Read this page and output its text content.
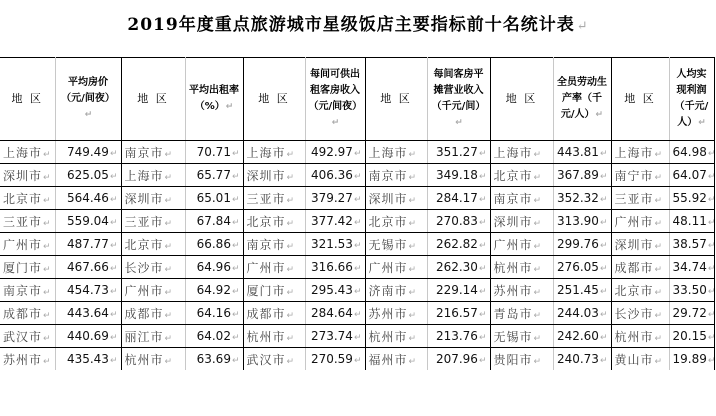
2019年度重点旅游城市星级饭店主要指标前十名统计表 ↵
地 区	平均房价（元/间夜）↵	地 区	平均出租率（%）↵	地 区	每间可供出租客房收入（元/间夜）↵	地 区	每间客房平摊营业收入（千元/间）↵	地 区	全员劳动生产率（千元/人）↵	地 区	人均实现利润（千元/人）↵
上海市↵	749.49↵	南京市↵	70.71↵	上海市↵	492.97↵	上海市↵	351.27↵	上海市↵	443.81↵	上海市↵	64.98↵
深圳市↵	625.05↵	上海市↵	65.77↵	深圳市↵	406.36↵	南京市↵	349.18↵	北京市↵	367.89↵	南宁市↵	64.07↵
北京市↵	564.46↵	深圳市↵	65.01↵	三亚市↵	379.27↵	深圳市↵	284.17↵	南京市↵	352.32↵	三亚市↵	55.92↵
三亚市↵	559.04↵	三亚市↵	67.84↵	北京市↵	377.42↵	北京市↵	270.83↵	深圳市↵	313.90↵	广州市↵	48.11↵
广州市↵	487.77↵	北京市↵	66.86↵	南京市↵	321.53↵	无锡市↵	262.82↵	广州市↵	299.76↵	深圳市↵	38.57↵
厦门市↵	467.66↵	长沙市↵	64.96↵	广州市↵	316.66↵	广州市↵	262.30↵	杭州市↵	276.05↵	成都市↵	34.74↵
南京市↵	454.73↵	广州市↵	64.92↵	厦门市↵	295.43↵	济南市↵	229.14↵	苏州市↵	251.45↵	北京市↵	33.50↵
成都市↵	443.64↵	成都市↵	64.16↵	成都市↵	284.64↵	苏州市↵	216.57↵	青岛市↵	244.03↵	长沙市↵	29.72↵
武汉市↵	440.69↵	丽江市↵	64.02↵	杭州市↵	273.74↵	杭州市↵	213.76↵	无锡市↵	242.60↵	杭州市↵	20.15↵
苏州市↵	435.43↵	杭州市↵	63.69↵	武汉市↵	270.59↵	福州市↵	207.96↵	贵阳市↵	240.73↵	黄山市↵	19.89↵
